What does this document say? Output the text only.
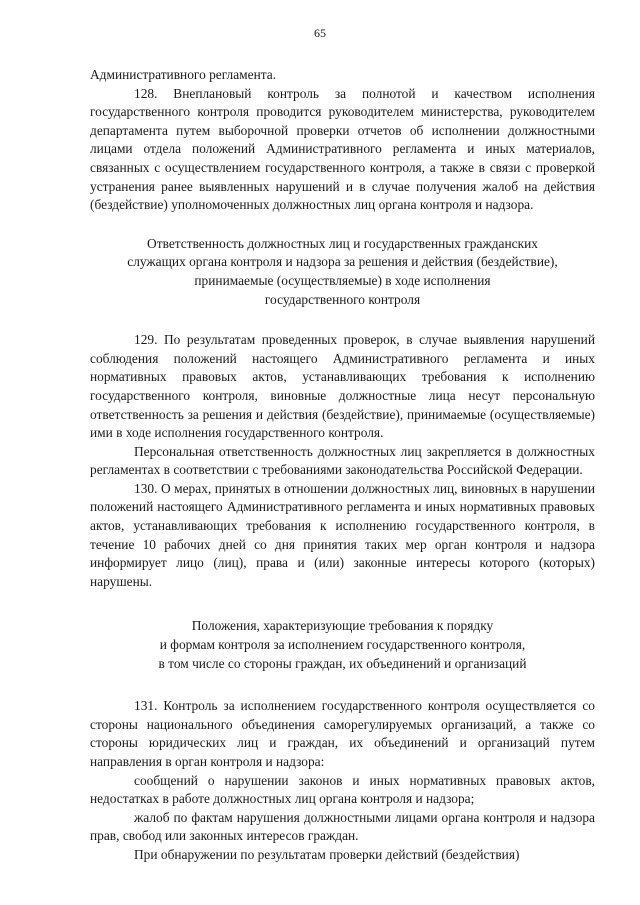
65

Административного регламента.

128. Внеплановый контроль за полнотой и качеством исполнения государственного контроля проводится руководителем министерства, руководителем департамента путем выборочной проверки отчетов об исполнении должностными лицами отдела положений Административного регламента и иных материалов, связанных с осуществлением государственного контроля, а также в связи с проверкой устранения ранее выявленных нарушений и в случае получения жалоб на действия (бездействие) уполномоченных должностных лиц органа контроля и надзора.

Ответственность должностных лиц и государственных гражданских

служащих органа контроля и надзора за решения и действия (бездействие),

принимаемые (осуществляемые) в ходе исполнения

государственного контроля

129. По результатам проведенных проверок, в случае выявления нарушений соблюдения положений настоящего Административного регламента и иных нормативных правовых актов, устанавливающих требования к исполнению государственного контроля, виновные должностные лица несут персональную ответственность за решения и действия (бездействие), принимаемые (осуществляемые) ими в ходе исполнения государственного контроля.

Персональная ответственность должностных лиц закрепляется в должностных регламентах в соответствии с требованиями законодательства Российской Федерации.

130. О мерах, принятых в отношении должностных лиц, виновных в нарушении положений настоящего Административного регламента и иных нормативных правовых актов, устанавливающих требования к исполнению государственного контроля, в течение 10 рабочих дней со дня принятия таких мер орган контроля и надзора информирует лицо (лиц), права и (или) законные интересы которого (которых) нарушены.

Положения, характеризующие требования к порядку

и формам контроля за исполнением государственного контроля,

в том числе со стороны граждан, их объединений и организаций

131. Контроль за исполнением государственного контроля осуществляется со стороны национального объединения саморегулируемых организаций, а также со стороны юридических лиц и граждан, их объединений и организаций путем направления в орган контроля и надзора:

сообщений о нарушении законов и иных нормативных правовых актов, недостатках в работе должностных лиц органа контроля и надзора;

жалоб по фактам нарушения должностными лицами органа контроля и надзора прав, свобод или законных интересов граждан.

При обнаружении по результатам проверки действий (бездействия)
